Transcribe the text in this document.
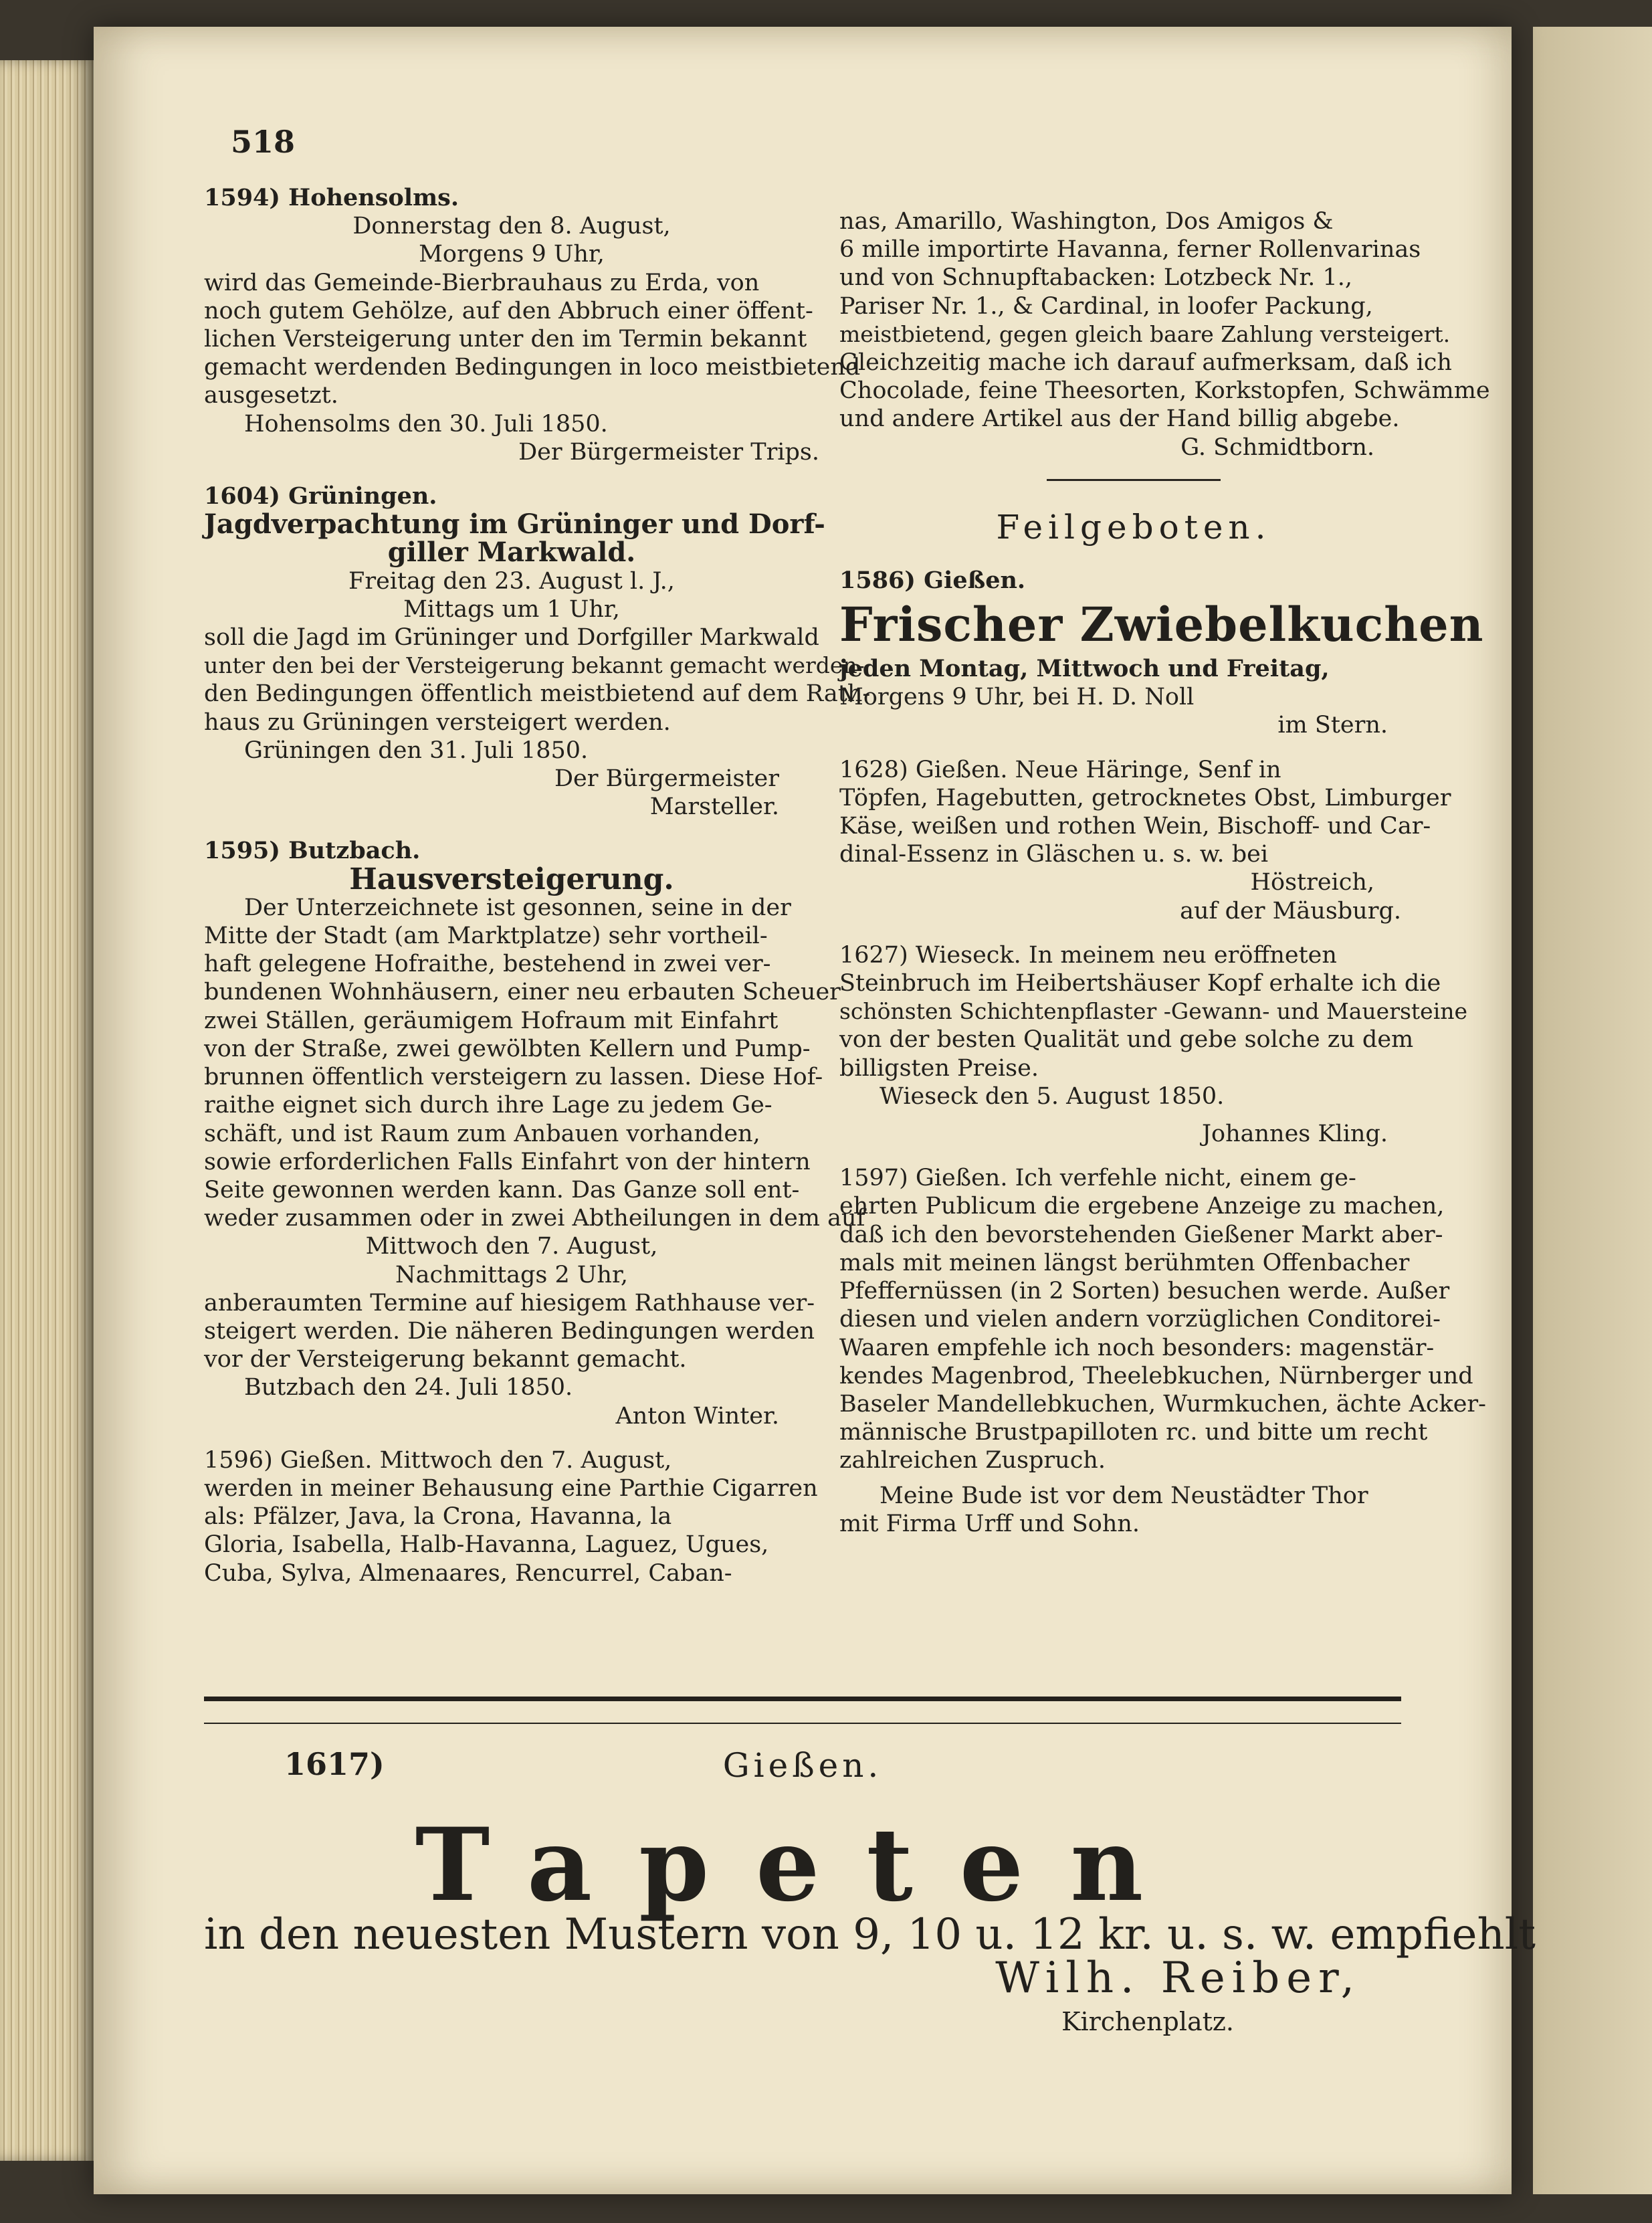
518
1594) Hohensolms.
Donnerstag den 8. August,
Morgens 9 Uhr,
wird das Gemeinde-Bierbrauhaus zu Erda, von
noch gutem Gehölze, auf den Abbruch einer öffent-
lichen Versteigerung unter den im Termin bekannt
gemacht werdenden Bedingungen in loco meistbietend
ausgesetzt.
Hohensolms den 30. Juli 1850.
Der Bürgermeister Trips.
1604) Grüningen.
Jagdverpachtung im Grüninger und Dorf-
giller Markwald.
Freitag den 23. August l. J.,
Mittags um 1 Uhr,
soll die Jagd im Grüninger und Dorfgiller Markwald
unter den bei der Versteigerung bekannt gemacht werden-
den Bedingungen öffentlich meistbietend auf dem Rath-
haus zu Grüningen versteigert werden.
Grüningen den 31. Juli 1850.
Der Bürgermeister
Marsteller.
1595) Butzbach.
Hausversteigerung.
Der Unterzeichnete ist gesonnen, seine in der
Mitte der Stadt (am Marktplatze) sehr vortheil-
haft gelegene Hofraithe, bestehend in zwei ver-
bundenen Wohnhäusern, einer neu erbauten Scheuer
zwei Ställen, geräumigem Hofraum mit Einfahrt
von der Straße, zwei gewölbten Kellern und Pump-
brunnen öffentlich versteigern zu lassen. Diese Hof-
raithe eignet sich durch ihre Lage zu jedem Ge-
schäft, und ist Raum zum Anbauen vorhanden,
sowie erforderlichen Falls Einfahrt von der hintern
Seite gewonnen werden kann. Das Ganze soll ent-
weder zusammen oder in zwei Abtheilungen in dem auf
Mittwoch den 7. August,
Nachmittags 2 Uhr,
anberaumten Termine auf hiesigem Rathhause ver-
steigert werden. Die näheren Bedingungen werden
vor der Versteigerung bekannt gemacht.
Butzbach den 24. Juli 1850.
Anton Winter.
1596) Gießen. Mittwoch den 7. August,
werden in meiner Behausung eine Parthie Cigarren
als: Pfälzer, Java, la Crona, Havanna, la
Gloria, Isabella, Halb-Havanna, Laguez, Ugues,
Cuba, Sylva, Almenaares, Rencurrel, Caban-
nas, Amarillo, Washington, Dos Amigos &
6 mille importirte Havanna, ferner Rollenvarinas
und von Schnupftabacken: Lotzbeck Nr. 1.,
Pariser Nr. 1., & Cardinal, in loofer Packung,
meistbietend, gegen gleich baare Zahlung versteigert.
Gleichzeitig mache ich darauf aufmerksam, daß ich
Chocolade, feine Theesorten, Korkstopfen, Schwämme
und andere Artikel aus der Hand billig abgebe.
G. Schmidtborn.
Feilgeboten.
1586) Gießen.
Frischer Zwiebelkuchen
jeden Montag, Mittwoch und Freitag,
Morgens 9 Uhr, bei H. D. Noll
im Stern.
1628) Gießen. Neue Häringe, Senf in
Töpfen, Hagebutten, getrocknetes Obst, Limburger
Käse, weißen und rothen Wein, Bischoff- und Car-
dinal-Essenz in Gläschen u. s. w. bei
Höstreich,
auf der Mäusburg.
1627) Wieseck. In meinem neu eröffneten
Steinbruch im Heibertshäuser Kopf erhalte ich die
schönsten Schichtenpflaster -Gewann- und Mauersteine
von der besten Qualität und gebe solche zu dem
billigsten Preise.
Wieseck den 5. August 1850.
Johannes Kling.
1597) Gießen. Ich verfehle nicht, einem ge-
ehrten Publicum die ergebene Anzeige zu machen,
daß ich den bevorstehenden Gießener Markt aber-
mals mit meinen längst berühmten Offenbacher
Pfeffernüssen (in 2 Sorten) besuchen werde. Außer
diesen und vielen andern vorzüglichen Conditorei-
Waaren empfehle ich noch besonders: magenstär-
kendes Magenbrod, Theelebkuchen, Nürnberger und
Baseler Mandellebkuchen, Wurmkuchen, ächte Acker-
männische Brustpapilloten rc. und bitte um recht
zahlreichen Zuspruch.
Meine Bude ist vor dem Neustädter Thor
mit Firma Urff und Sohn.
1617)	Gießen.
Tapeten
in den neuesten Mustern von 9, 10 u. 12 kr. u. s. w. empfiehlt
Wilh. Reiber,
Kirchenplatz.
